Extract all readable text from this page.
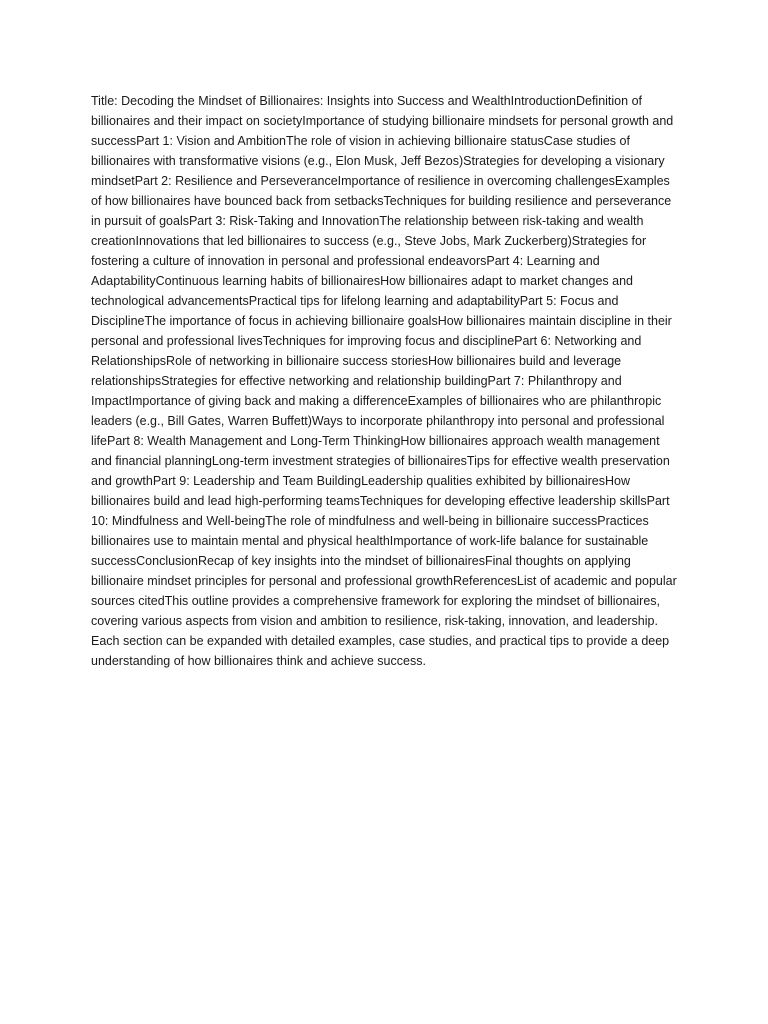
Title: Decoding the Mindset of Billionaires: Insights into Success and WealthIntroductionDefinition of billionaires and their impact on societyImportance of studying billionaire mindsets for personal growth and successPart 1: Vision and AmbitionThe role of vision in achieving billionaire statusCase studies of billionaires with transformative visions (e.g., Elon Musk, Jeff Bezos)Strategies for developing a visionary mindsetPart 2: Resilience and PerseveranceImportance of resilience in overcoming challengesExamples of how billionaires have bounced back from setbacksTechniques for building resilience and perseverance in pursuit of goalsPart 3: Risk-Taking and InnovationThe relationship between risk-taking and wealth creationInnovations that led billionaires to success (e.g., Steve Jobs, Mark Zuckerberg)Strategies for fostering a culture of innovation in personal and professional endeavorsPart 4: Learning and AdaptabilityContinuous learning habits of billionairesHow billionaires adapt to market changes and technological advancementsPractical tips for lifelong learning and adaptabilityPart 5: Focus and DisciplineThe importance of focus in achieving billionaire goalsHow billionaires maintain discipline in their personal and professional livesTechniques for improving focus and disciplinePart 6: Networking and RelationshipsRole of networking in billionaire success storiesHow billionaires build and leverage relationshipsStrategies for effective networking and relationship buildingPart 7: Philanthropy and ImpactImportance of giving back and making a differenceExamples of billionaires who are philanthropic leaders (e.g., Bill Gates, Warren Buffett)Ways to incorporate philanthropy into personal and professional lifePart 8: Wealth Management and Long-Term ThinkingHow billionaires approach wealth management and financial planningLong-term investment strategies of billionairesTips for effective wealth preservation and growthPart 9: Leadership and Team BuildingLeadership qualities exhibited by billionairesHow billionaires build and lead high-performing teamsTechniques for developing effective leadership skillsPart 10: Mindfulness and Well-beingThe role of mindfulness and well-being in billionaire successPractices billionaires use to maintain mental and physical healthImportance of work-life balance for sustainable successConclusionRecap of key insights into the mindset of billionairesFinal thoughts on applying billionaire mindset principles for personal and professional growthReferencesList of academic and popular sources citedThis outline provides a comprehensive framework for exploring the mindset of billionaires, covering various aspects from vision and ambition to resilience, risk-taking, innovation, and leadership. Each section can be expanded with detailed examples, case studies, and practical tips to provide a deep understanding of how billionaires think and achieve success.
